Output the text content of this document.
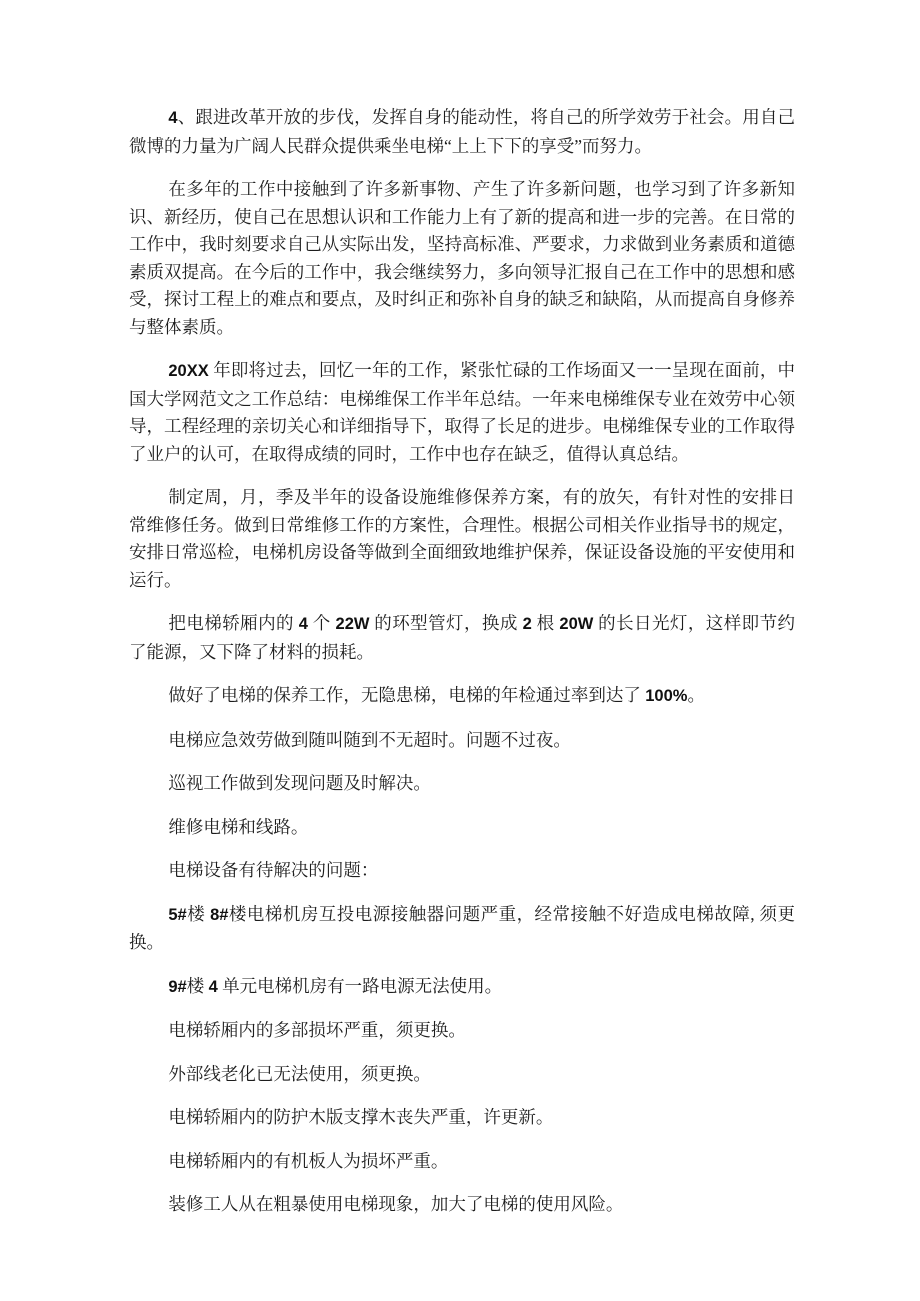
4、跟进改革开放的步伐，发挥自身的能动性，将自己的所学效劳于社会。用自己微博的力量为广阔人民群众提供乘坐电梯“上上下下的享受”而努力。

在多年的工作中接触到了许多新事物、产生了许多新问题，也学习到了许多新知识、新经历，使自己在思想认识和工作能力上有了新的提高和进一步的完善。在日常的工作中，我时刻要求自己从实际出发，坚持高标准、严要求，力求做到业务素质和道德素质双提高。在今后的工作中，我会继续努力，多向领导汇报自己在工作中的思想和感受，探讨工程上的难点和要点，及时纠正和弥补自身的缺乏和缺陷，从而提高自身修养与整体素质。

20XX 年即将过去，回忆一年的工作，紧张忙碌的工作场面又一一呈现在面前，中国大学网范文之工作总结：电梯维保工作半年总结。一年来电梯维保专业在效劳中心领导，工程经理的亲切关心和详细指导下，取得了长足的进步。电梯维保专业的工作取得了业户的认可，在取得成绩的同时，工作中也存在缺乏，值得认真总结。

制定周，月，季及半年的设备设施维修保养方案，有的放矢，有针对性的安排日常维修任务。做到日常维修工作的方案性，合理性。根据公司相关作业指导书的规定，安排日常巡检，电梯机房设备等做到全面细致地维护保养，保证设备设施的平安使用和运行。

把电梯轿厢内的 4 个 22W 的环型管灯，换成 2 根 20W 的长日光灯，这样即节约了能源，又下降了材料的损耗。

做好了电梯的保养工作，无隐患梯，电梯的年检通过率到达了 100%。

电梯应急效劳做到随叫随到不无超时。问题不过夜。

巡视工作做到发现问题及时解决。

维修电梯和线路。

电梯设备有待解决的问题：

5#楼 8#楼电梯机房互投电源接触器问题严重，经常接触不好造成电梯故障, 须更换。

9#楼 4 单元电梯机房有一路电源无法使用。

电梯轿厢内的多部损坏严重，须更换。

外部线老化已无法使用，须更换。

电梯轿厢内的防护木版支撑木丧失严重，许更新。

电梯轿厢内的有机板人为损坏严重。

装修工人从在粗暴使用电梯现象，加大了电梯的使用风险。
